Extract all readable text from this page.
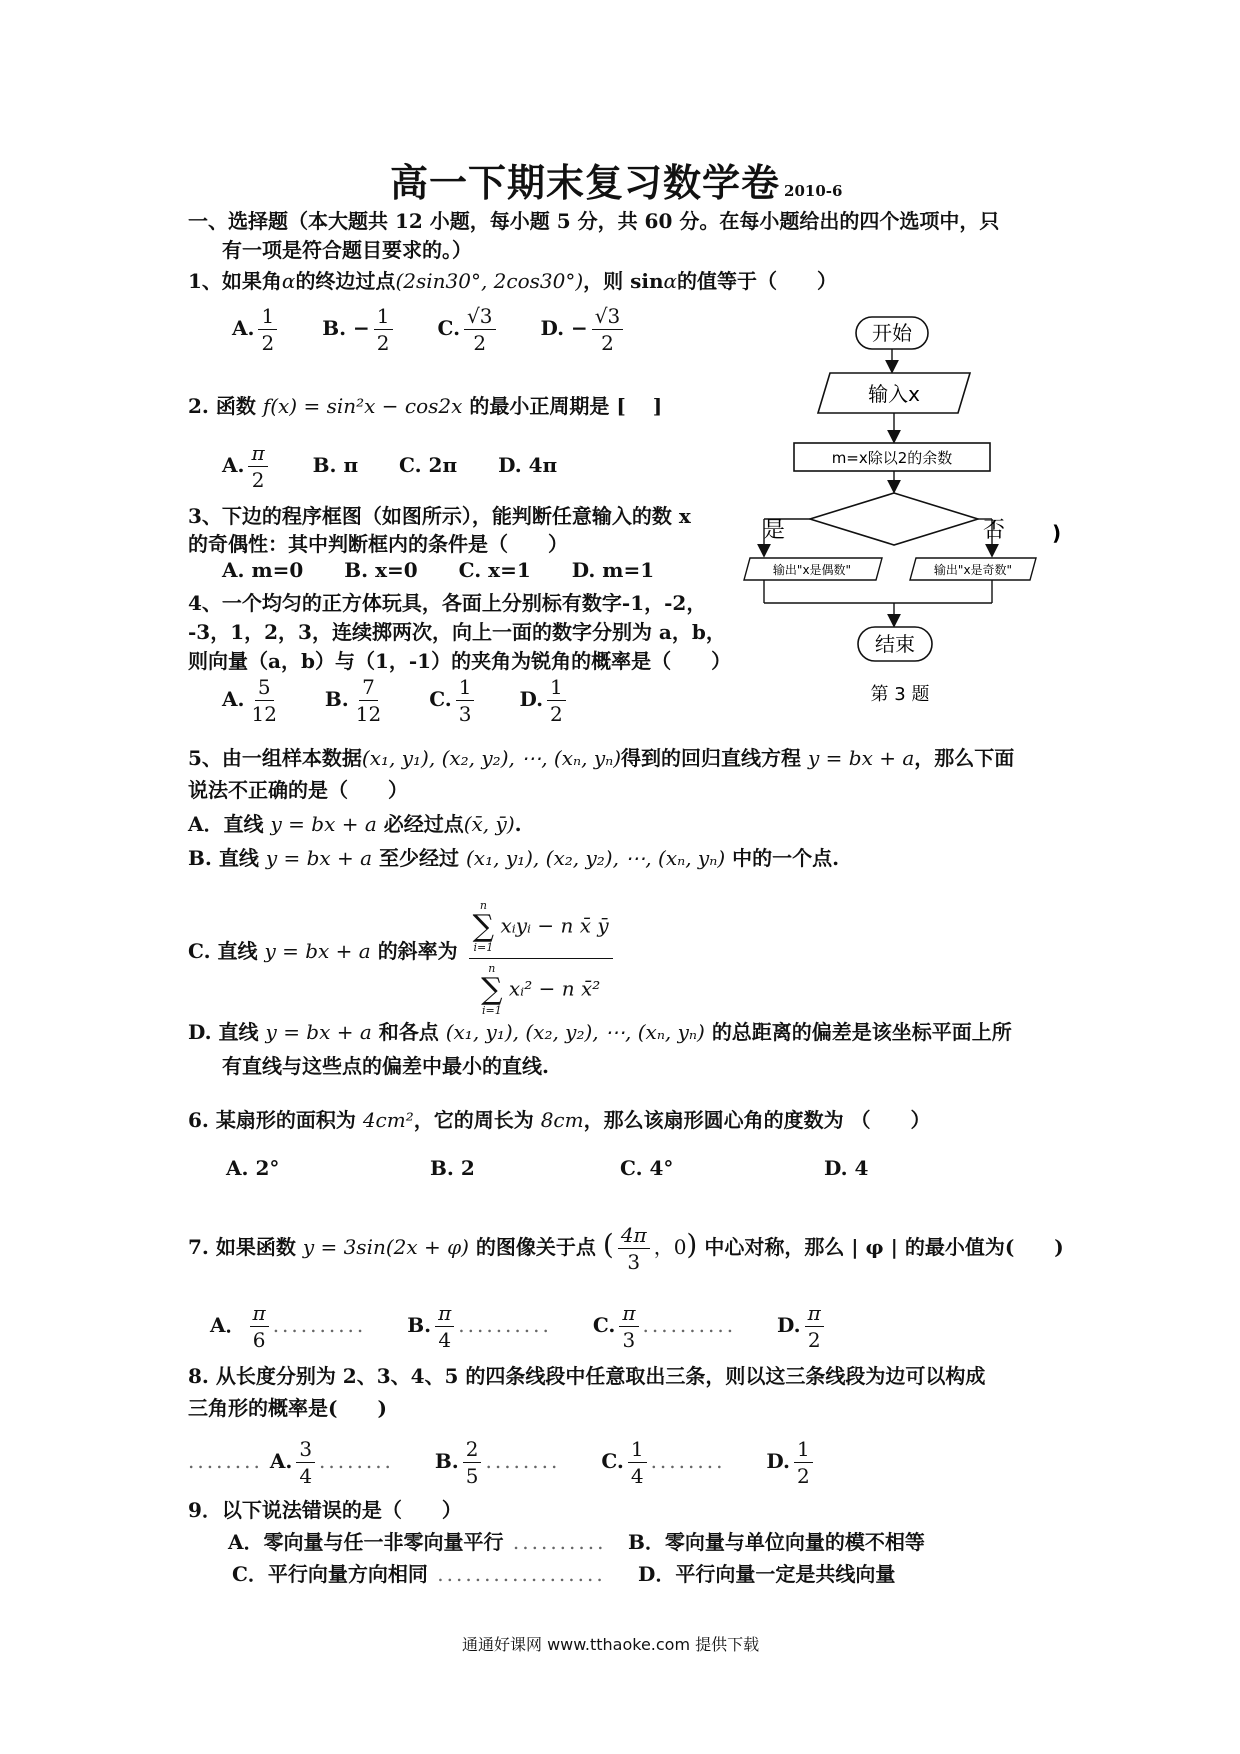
高一下期末复习数学卷 2010-6
一、选择题（本大题共 12 小题，每小题 5 分，共 60 分。在每小题给出的四个选项中，只
有一项是符合题目要求的。）
1、如果角α的终边过点(2sin30°, 2cos30°)，则 sinα的值等于（　　）
A. $\frac{1}{2} B$. − $\frac{1}{2} C$. $\frac{√3}{2} D$. − $\frac{√3}{2}$
2. 函数 f(x) = sin²x − cos2x 的最小正周期是 [　 ]
A. $\frac{\pi}{2} B$. π C. 2π D. 4π
3、下边的程序框图（如图所示），能判断任意输入的数 x
的奇偶性：其中判断框内的条件是（　　）
A. m=0 B. x=0 C. x=1 D. m=1
开始
输入x
m=x除以2的余数
是	否 )
输出"x是偶数"	输出"x是奇数"
结束
第 3 题
4、一个均匀的正方体玩具，各面上分别标有数字-1，-2，
-3，1，2，3，连续掷两次，向上一面的数字分别为 a，b，
则向量（a，b）与（1，-1）的夹角为锐角的概率是（　　）
A. $\frac{5}{12} B$. $\frac{7}{12} C$. $\frac{1}{3} D$. $\frac{1}{2}$
5、由一组样本数据(x₁, y₁), (x₂, y₂), ⋯, (xₙ, yₙ)得到的回归直线方程 y = bx + a，那么下面
说法不正确的是（　　）
A．直线 y = bx + a 必经过点(x̄, ȳ).
B. 直线 y = bx + a 至少经过 (x₁, y₁), (x₂, y₂), ⋯, (xₙ, yₙ) 中的一个点.
C. 直线 y = bx + a 的斜率为 n
∑
i=1
xᵢyᵢ − n x̄ ȳ
n
∑
i=1
xᵢ² − n x̄²
D. 直线 y = bx + a 和各点 (x₁, y₁), (x₂, y₂), ⋯, (xₙ, yₙ) 的总距离的偏差是该坐标平面上所
有直线与这些点的偏差中最小的直线.
6. 某扇形的面积为 4cm²，它的周长为 8cm，那么该扇形圆心角的度数为 （　　）
A. 2°	B. 2	C. 4°	D. 4
7. 如果函数 y = 3sin(2x + φ) 的图像关于点 ( $\frac{4\pi}{3}$ ，0) 中心对称，那么 | φ | 的最小值为(　　)
A． $\frac{\pi}{6}$ .......... B. $\frac{\pi}{4}$ .......... C. $\frac{\pi}{3}$ .......... D. $\frac{\pi}{2}$
8. 从长度分别为 2、3、4、5 的四条线段中任意取出三条，则以这三条线段为边可以构成
三角形的概率是(　　)
........ A. $\frac{3}{4}$ ........ B. $\frac{2}{5}$ ........ C. $\frac{1}{4}$ ........ D. $\frac{1}{2}$
9．以下说法错误的是（　　）
A．零向量与任一非零向量平行 .......... B．零向量与单位向量的模不相等
C．平行向量方向相同 .................. D．平行向量一定是共线向量
通通好课网 www.tthaoke.com 提供下载
